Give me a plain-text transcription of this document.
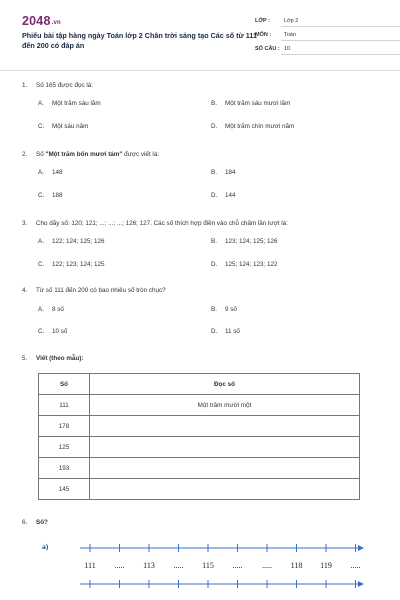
2048.vn
Phiếu bài tập hàng ngày Toán lớp 2 Chân trời sáng tạo Các số từ 111 đến 200 có đáp án
LỚP :	Lớp 2
MÔN : Toán
SỐ CÂU : 10
1. Số 165 được đọc là:
A. Một trăm sáu lăm	B. Một trăm sáu mươi lăm
C. Một sáu năm	D. Một trăm chín mươi năm
2. Số "Một trăm bốn mươi tám" được viết là:
A. 148	B. 184
C. 188	D. 144
3. Cho dãy số: 120; 121; ...; ...; ...; 126; 127. Các số thích hợp điền vào chỗ chấm lần lượt là:
A. 122; 124; 125; 126	B. 123; 124; 125; 126
C. 122; 123; 124; 125	D. 125; 124; 123; 122
4. Từ số 111 đến 200 có bao nhiêu số tròn chục?
A. 8 số	B. 9 số
C. 10 số	D. 11 số
5. Viết (theo mẫu):
Số	Đọc số
111	Một trăm mười một
178	
125	
193	
145	
6. Số?
a)
111	.....	113	.....	115	.....	.....	118	119	.....
